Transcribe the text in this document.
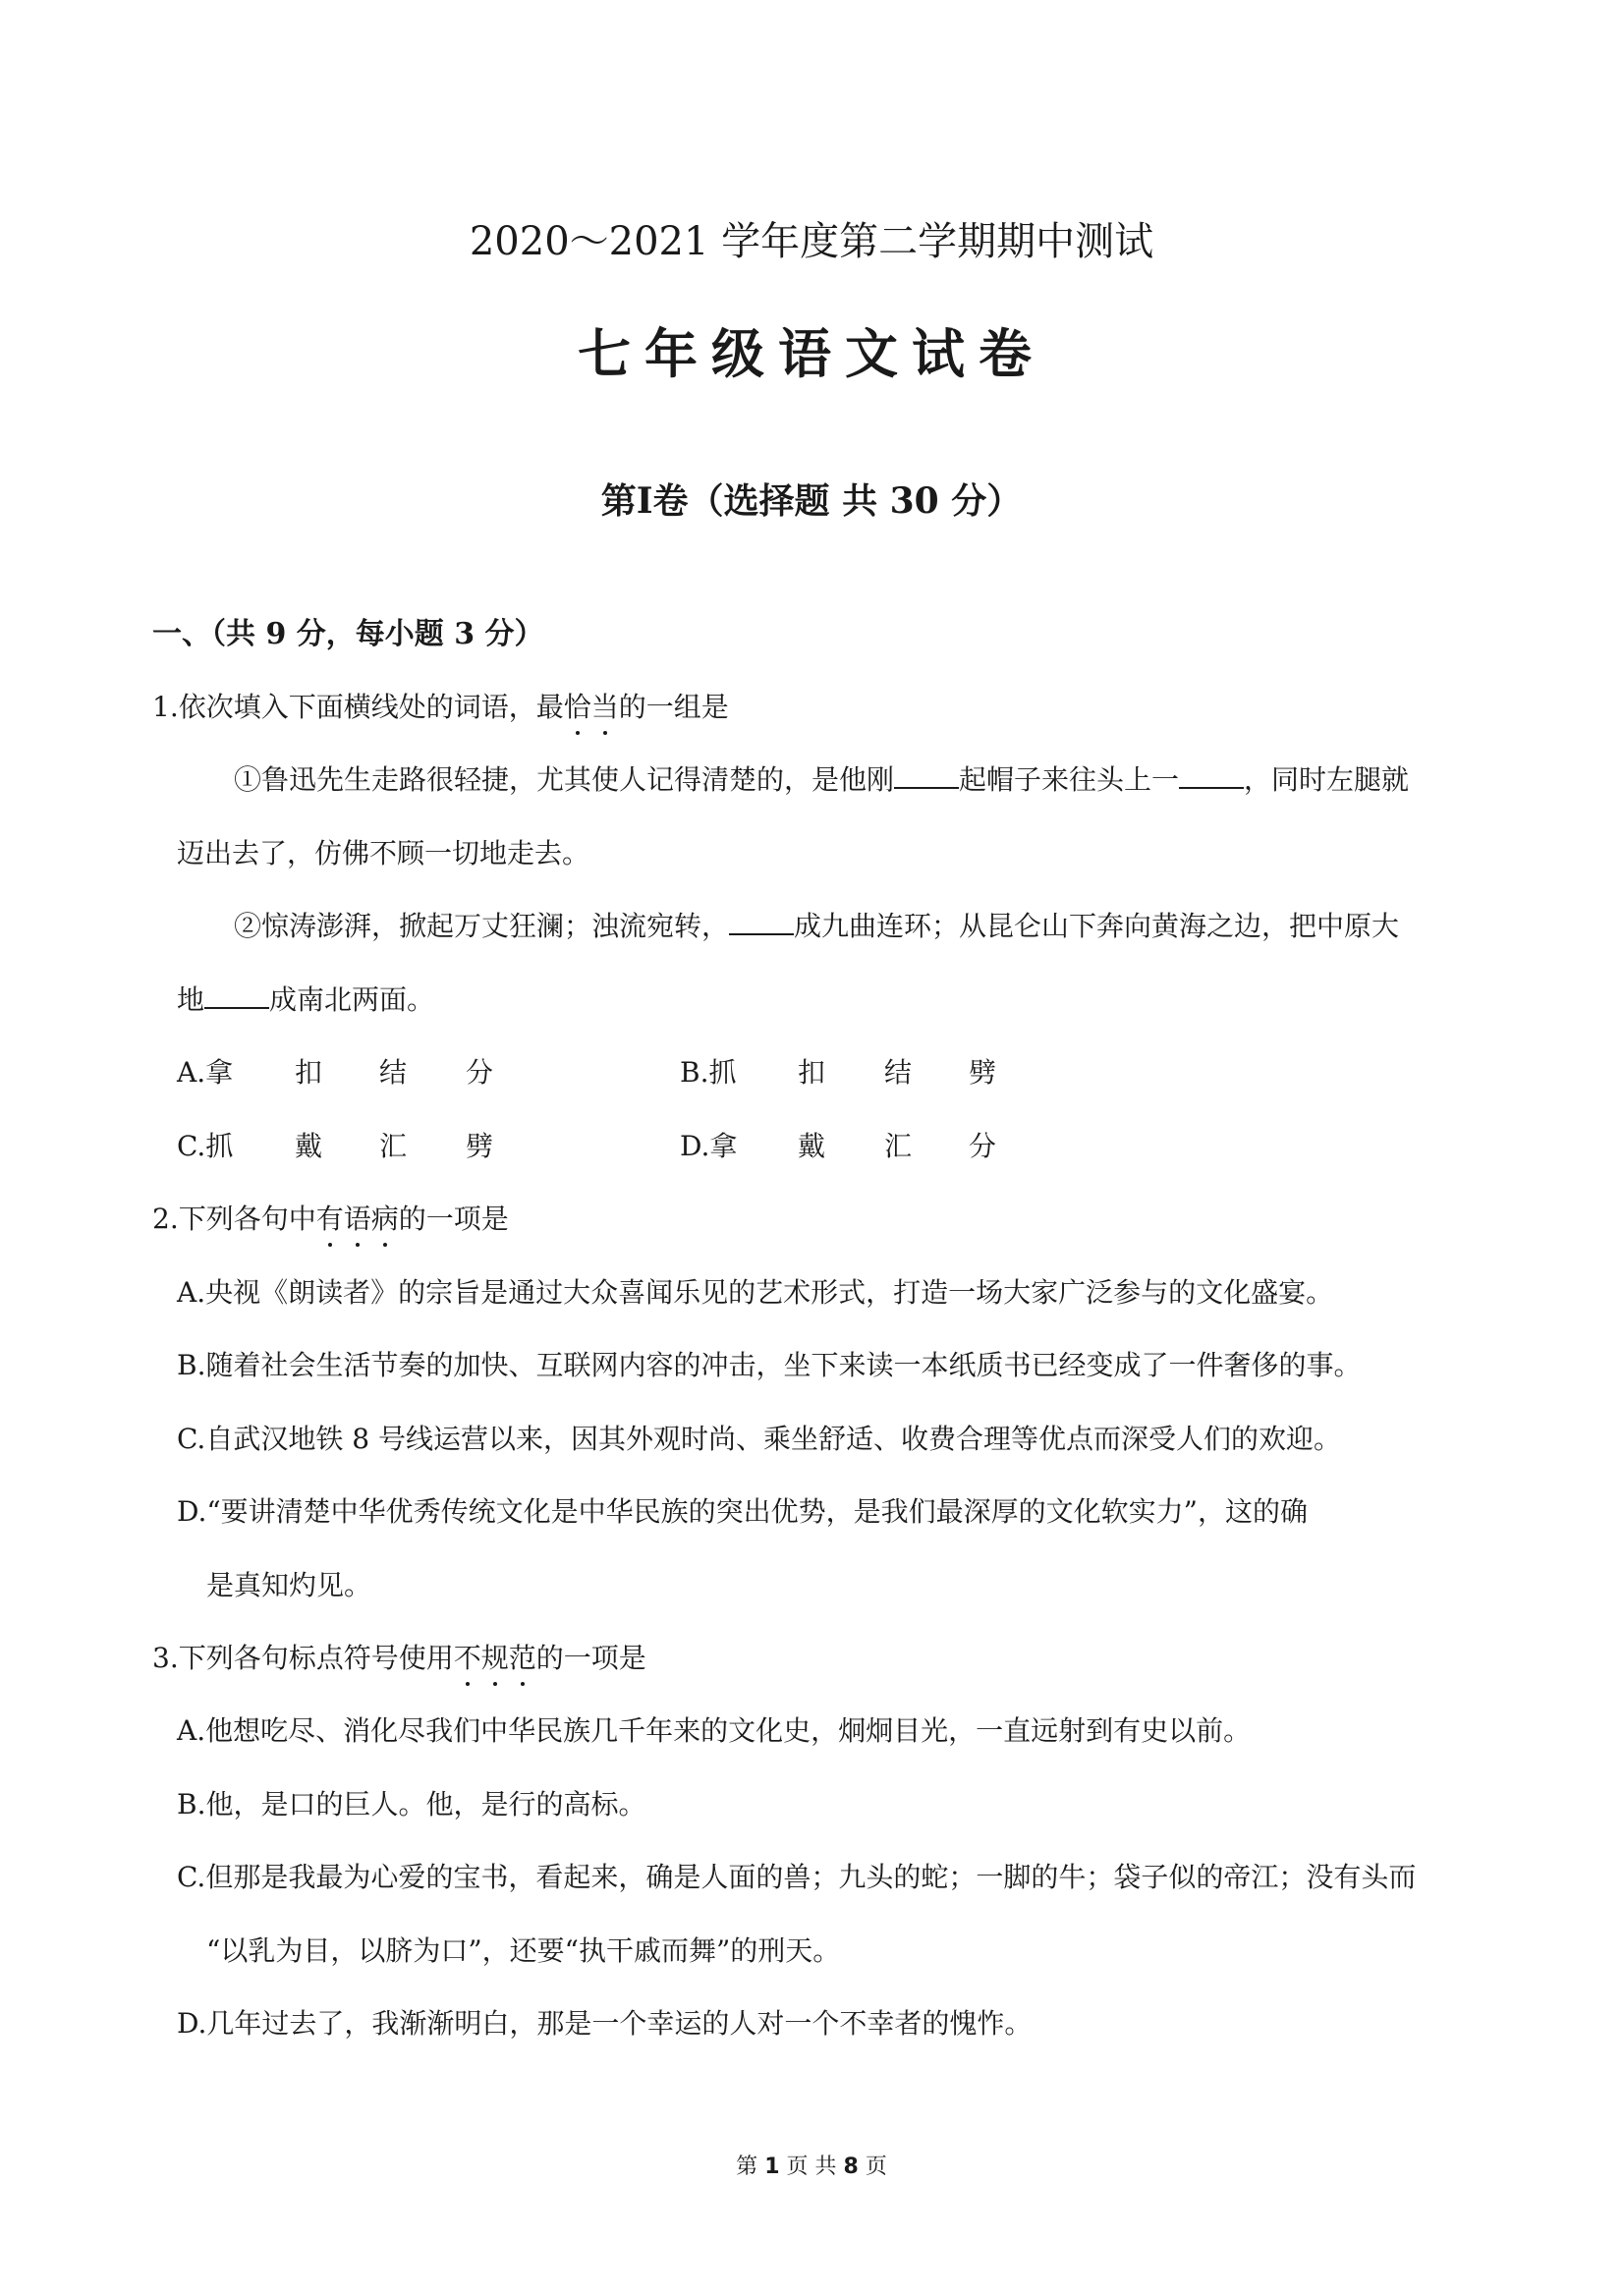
2020～2021 学年度第二学期期中测试
七年级语文试卷
第Ⅰ卷（选择题 共 30 分）
一、（共 9 分，每小题 3 分）
1.依次填入下面横线处的词语，最恰当的一组是
①鲁迅先生走路很轻捷，尤其使人记得清楚的，是他刚 起帽子来往头上一 ，同时左腿就
迈出去了，仿佛不顾一切地走去。
②惊涛澎湃，掀起万丈狂澜；浊流宛转， 成九曲连环；从昆仑山下奔向黄海之边，把中原大
地 成南北两面。
A.拿 扣 结 分	B.抓 扣 结 劈
C.抓 戴 汇 劈	D.拿 戴 汇 分
2.下列各句中有语病的一项是
A.央视《朗读者》的宗旨是通过大众喜闻乐见的艺术形式，打造一场大家广泛参与的文化盛宴。
B.随着社会生活节奏的加快、互联网内容的冲击，坐下来读一本纸质书已经变成了一件奢侈的事。
C.自武汉地铁 8 号线运营以来，因其外观时尚、乘坐舒适、收费合理等优点而深受人们的欢迎。
D.“要讲清楚中华优秀传统文化是中华民族的突出优势，是我们最深厚的文化软实力”，这的确
是真知灼见。
3.下列各句标点符号使用不规范的一项是
A.他想吃尽、消化尽我们中华民族几千年来的文化史，炯炯目光，一直远射到有史以前。
B.他，是口的巨人。他，是行的高标。
C.但那是我最为心爱的宝书，看起来，确是人面的兽；九头的蛇；一脚的牛；袋子似的帝江；没有头而
“以乳为目，以脐为口”，还要“执干戚而舞”的刑天。
D.几年过去了，我渐渐明白，那是一个幸运的人对一个不幸者的愧怍。
第 1 页 共 8 页
